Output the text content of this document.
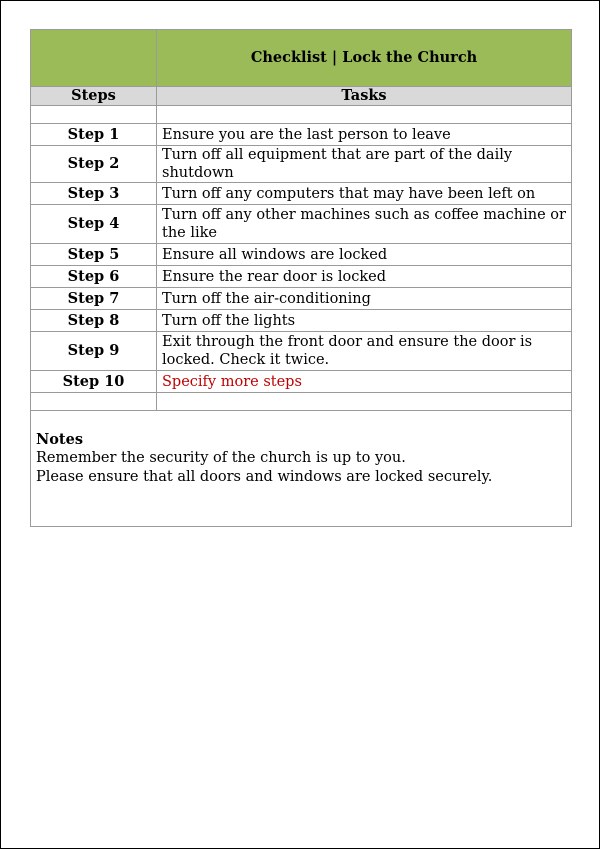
	Checklist | Lock the Church
Steps	Tasks

Step 1	Ensure you are the last person to leave
Step 2	Turn off all equipment that are part of the daily shutdown
Step 3	Turn off any computers that may have been left on
Step 4	Turn off any other machines such as coffee machine or the like
Step 5	Ensure all windows are locked
Step 6	Ensure the rear door is locked
Step 7	Turn off the air-conditioning
Step 8	Turn off the lights
Step 9	Exit through the front door and ensure the door is locked. Check it twice.
Step 10	Specify more steps

Notes
Remember the security of the church is up to you.
Please ensure that all doors and windows are locked securely.	
